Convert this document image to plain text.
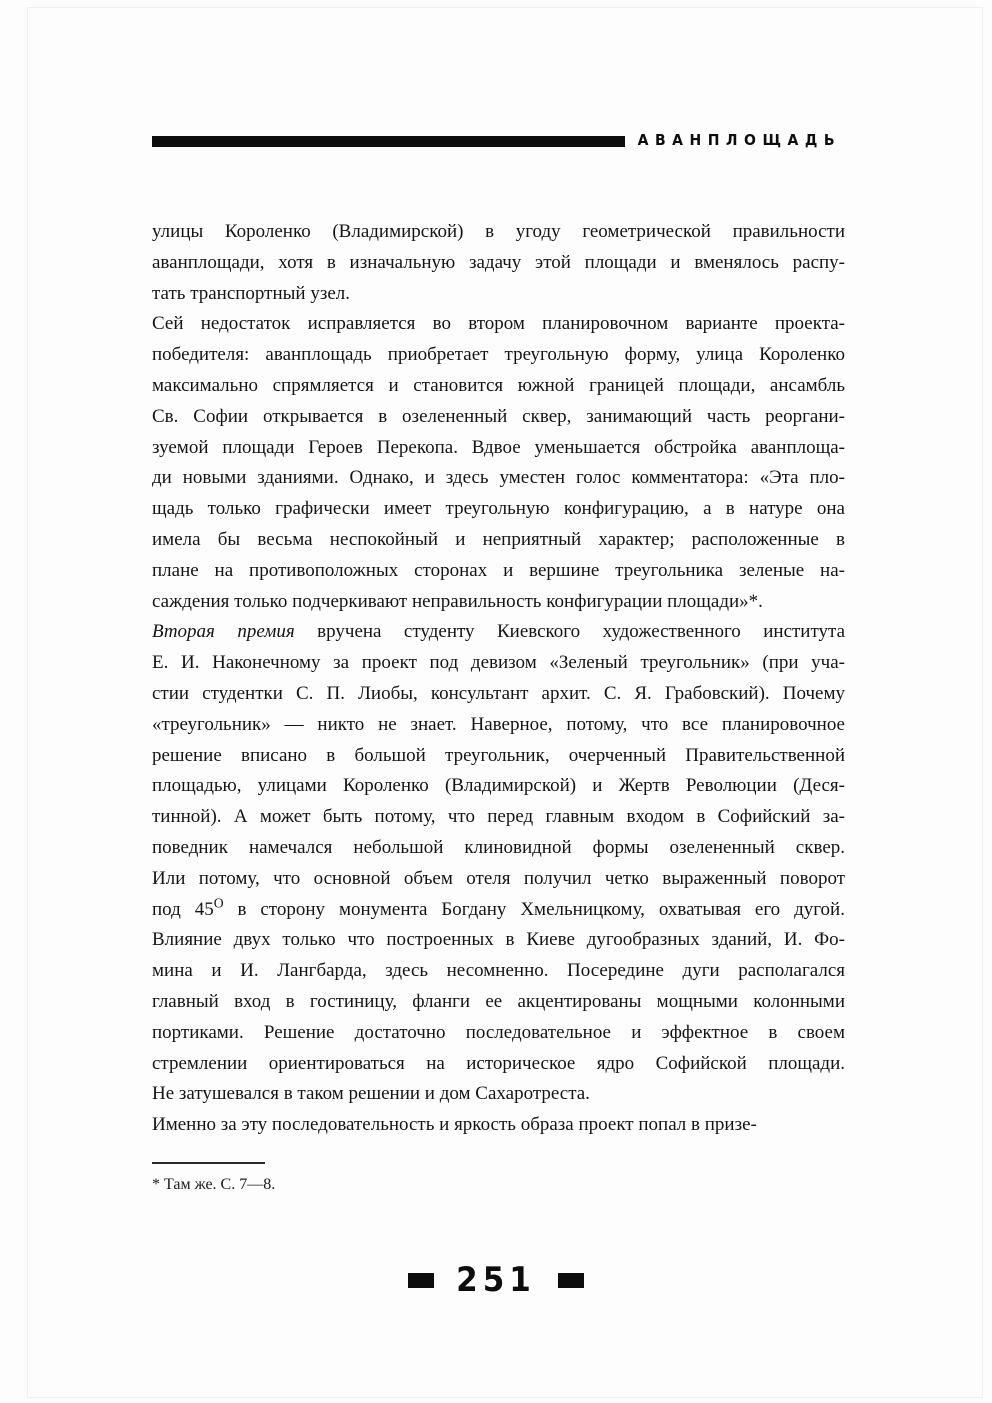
АВАНПЛОЩАДЬ
улицы Короленко (Владимирской) в угоду геометрической правильности
аванплощади, хотя в изначальную задачу этой площади и вменялось распу-
тать транспортный узел.
Сей недостаток исправляется во втором планировочном варианте проекта-
победителя: аванплощадь приобретает треугольную форму, улица Короленко
максимально спрямляется и становится южной границей площади, ансамбль
Св. Софии открывается в озелененный сквер, занимающий часть реоргани-
зуемой площади Героев Перекопа. Вдвое уменьшается обстройка аванплоща-
ди новыми зданиями. Однако, и здесь уместен голос комментатора: «Эта пло-
щадь только графически имеет треугольную конфигурацию, а в натуре она
имела бы весьма неспокойный и неприятный характер; расположенные в
плане на противоположных сторонах и вершине треугольника зеленые на-
саждения только подчеркивают неправильность конфигурации площади»*.
Вторая премия вручена студенту Киевского художественного института
Е. И. Наконечному за проект под девизом «Зеленый треугольник» (при уча-
стии студентки С. П. Лиобы, консультант архит. С. Я. Грабовский). Почему
«треугольник» — никто не знает. Наверное, потому, что все планировочное
решение вписано в большой треугольник, очерченный Правительственной
площадью, улицами Короленко (Владимирской) и Жертв Революции (Деся-
тинной). А может быть потому, что перед главным входом в Софийский за-
поведник намечался небольшой клиновидной формы озелененный сквер.
Или потому, что основной объем отеля получил четко выраженный поворот
под $45^О$ в сторону монумента Богдану Хмельницкому, охватывая его дугой.
Влияние двух только что построенных в Киеве дугообразных зданий, И. Фо-
мина и И. Лангбарда, здесь несомненно. Посередине дуги располагался
главный вход в гостиницу, фланги ее акцентированы мощными колонными
портиками. Решение достаточно последовательное и эффектное в своем
стремлении ориентироваться на историческое ядро Софийской площади.
Не затушевался в таком решении и дом Сахаротреста.
Именно за эту последовательность и яркость образа проект попал в призе-
* Там же. С. 7—8.
251
